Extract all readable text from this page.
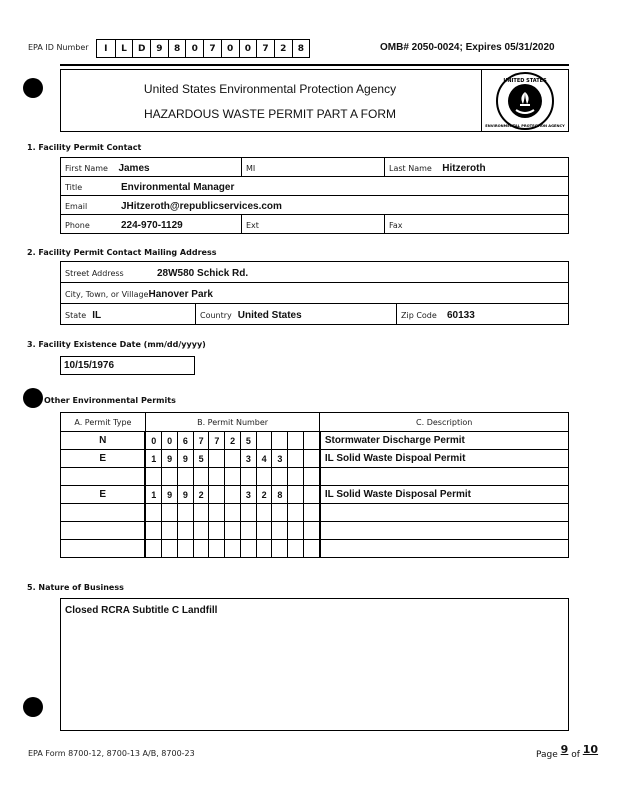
EPA ID Number	I	L	D	9	8	0	7	0	0	7	2	8	OMB# 2050-0024; Expires 05/31/2020
United States Environmental Protection Agency
HAZARDOUS WASTE PERMIT PART A FORM
UNITED STATES
ENVIRONMENTAL PROTECTION AGENCY
1. Facility Permit Contact
First Name James	MI	Last Name Hitzeroth
Title Environmental Manager		
Email JHitzeroth@republicservices.com		
Phone 224-970-1129	Ext	Fax
2. Facility Permit Contact Mailing Address
Street Address	28W580 Schick Rd.
City, Town, or VillageHanover Park
State IL	Country United States	Zip Code 60133
3. Facility Existence Date (mm/dd/yyyy)
10/15/1976
Other Environmental Permits
A. Permit Type	B. Permit Number											C. Description
N	0	0	6	7	7	2	5					Stormwater Discharge Permit
E	1	9	9	5			3	4	3			IL Solid Waste Dispoal Permit

E	1	9	9	2			3	2	8			IL Solid Waste Disposal Permit

5. Nature of Business
Closed RCRA Subtitle C Landfill
EPA Form 8700-12, 8700-13 A/B, 8700-23	Page 9 of 10
